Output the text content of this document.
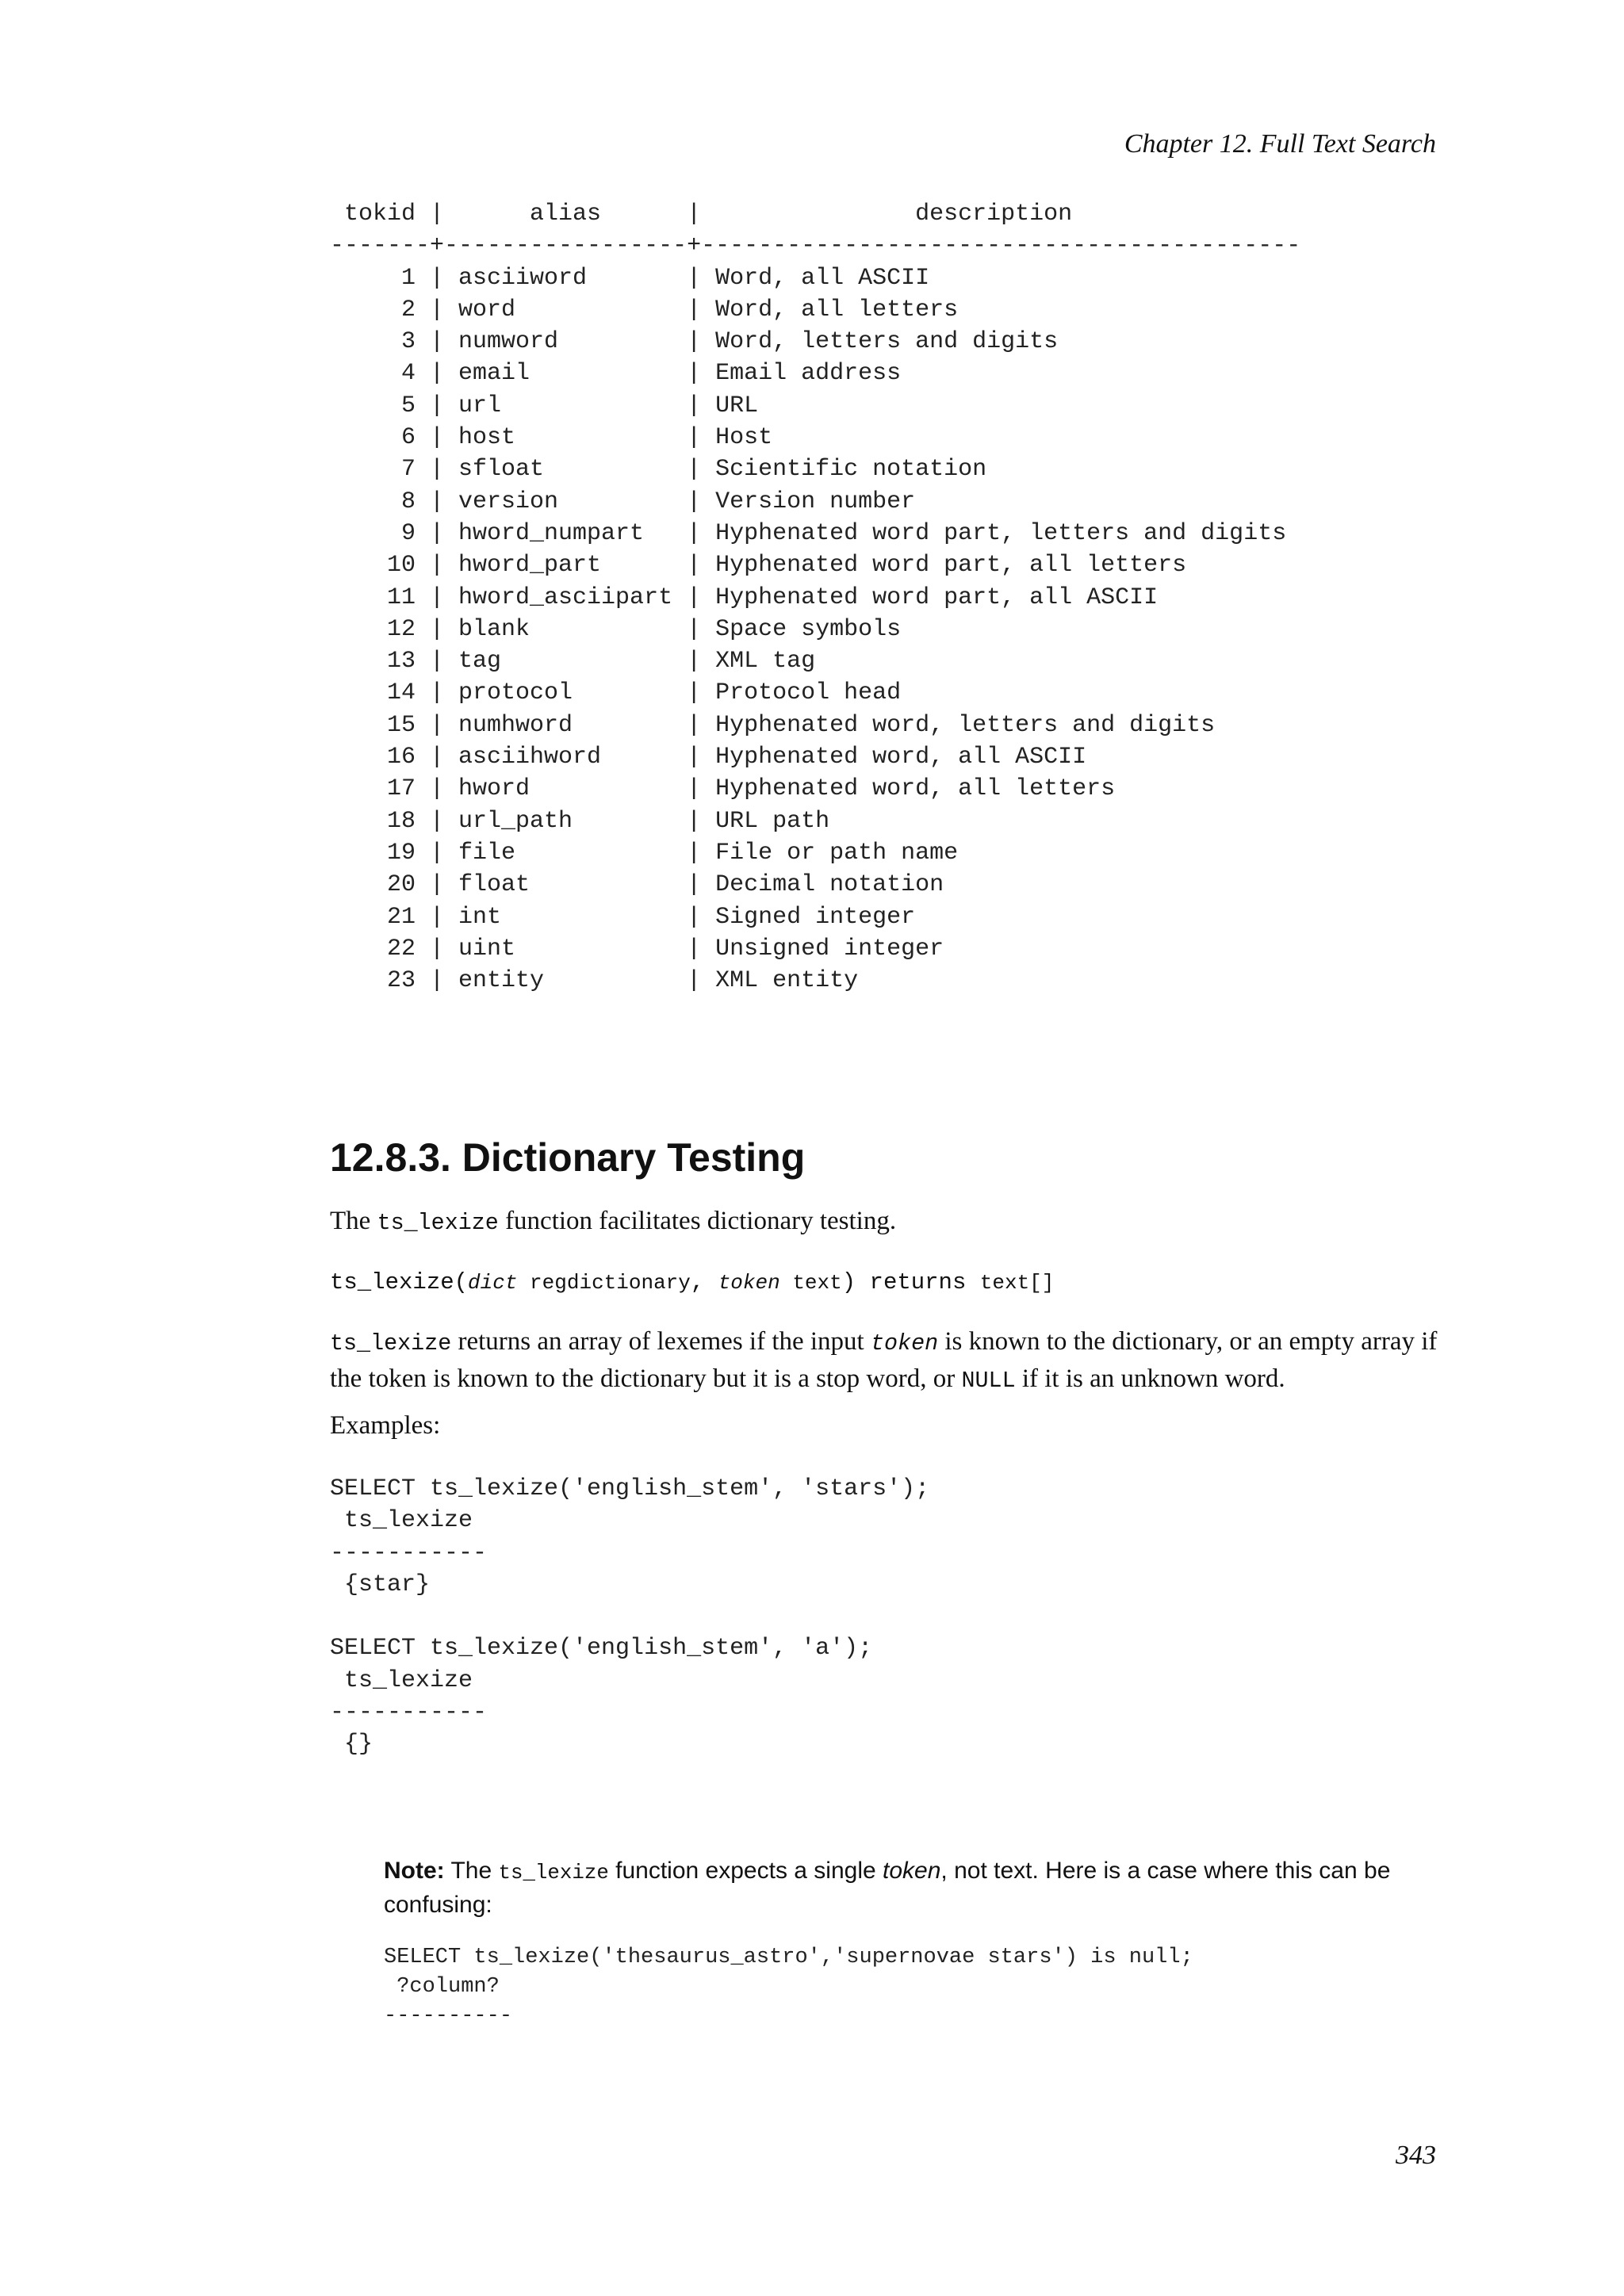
Chapter 12. Full Text Search
tokid |      alias      |               description
-------+-----------------+------------------------------------------
1 | asciiword       | Word, all ASCII
2 | word            | Word, all letters
3 | numword         | Word, letters and digits
4 | email           | Email address
5 | url             | URL
6 | host            | Host
7 | sfloat          | Scientific notation
8 | version         | Version number
9 | hword_numpart   | Hyphenated word part, letters and digits
10 | hword_part      | Hyphenated word part, all letters
11 | hword_asciipart | Hyphenated word part, all ASCII
12 | blank           | Space symbols
13 | tag             | XML tag
14 | protocol        | Protocol head
15 | numhword        | Hyphenated word, letters and digits
16 | asciihword      | Hyphenated word, all ASCII
17 | hword           | Hyphenated word, all letters
18 | url_path        | URL path
19 | file            | File or path name
20 | float           | Decimal notation
21 | int             | Signed integer
22 | uint            | Unsigned integer
23 | entity          | XML entity
12.8.3. Dictionary Testing

The ts_lexize function facilitates dictionary testing.

ts_lexize(dict regdictionary, token text) returns text[]

ts_lexize returns an array of lexemes if the input token is known to the dictionary, or an empty array if the token is known to the dictionary but it is a stop word, or NULL if it is an unknown word.

Examples:

SELECT ts_lexize('english_stem', 'stars');
ts_lexize
-----------
{star}

SELECT ts_lexize('english_stem', 'a');
ts_lexize
-----------
{}

Note: The ts_lexize function expects a single token, not text. Here is a case where this can be confusing:

SELECT ts_lexize('thesaurus_astro','supernovae stars') is null;
?column?
----------
343
